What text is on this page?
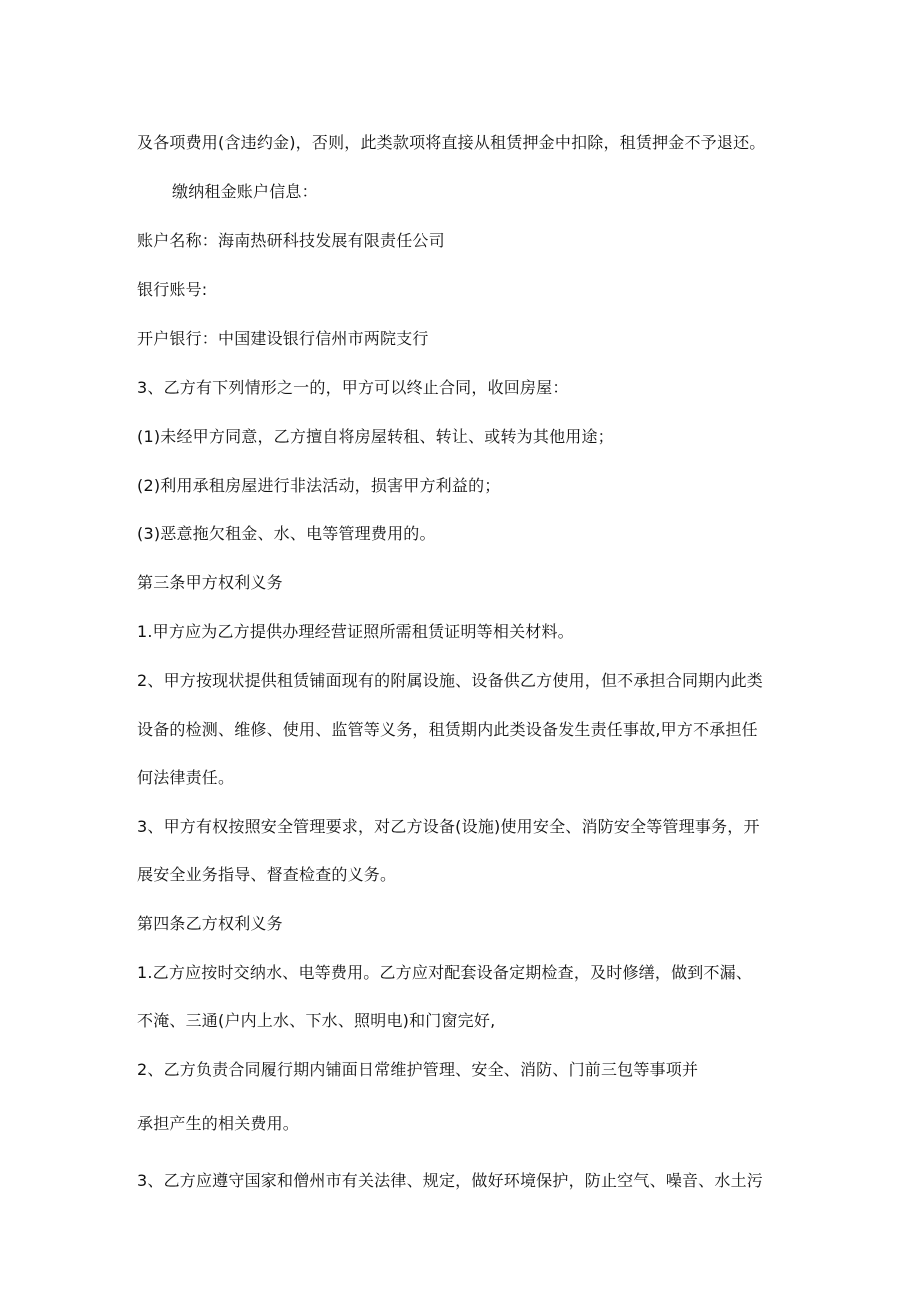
及各项费用(含违约金)，否则，此类款项将直接从租赁押金中扣除，租赁押金不予退还。

缴纳租金账户信息：

账户名称：海南热研科技发展有限责任公司

银行账号:

开户银行：中国建设银行信州市两院支行

3、乙方有下列情形之一的，甲方可以终止合同，收回房屋：

(1)未经甲方同意，乙方擅自将房屋转租、转让、或转为其他用途；

(2)利用承租房屋进行非法活动，损害甲方利益的；

(3)恶意拖欠租金、水、电等管理费用的。

第三条甲方权利义务

1.甲方应为乙方提供办理经营证照所需租赁证明等相关材料。

2、甲方按现状提供租赁铺面现有的附属设施、设备供乙方使用，但不承担合同期内此类

设备的检测、维修、使用、监管等义务，租赁期内此类设备发生责任事故,甲方不承担任

何法律责任。

3、甲方有权按照安全管理要求，对乙方设备(设施)使用安全、消防安全等管理事务，开

展安全业务指导、督查检查的义务。

第四条乙方权利义务

1.乙方应按时交纳水、电等费用。乙方应对配套设备定期检查，及时修缮，做到不漏、

不淹、三通(户内上水、下水、照明电)和门窗完好,

2、乙方负责合同履行期内铺面日常维护管理、安全、消防、门前三包等事项并

承担产生的相关费用。

3、乙方应遵守国家和僧州市有关法律、规定，做好环境保护，防止空气、噪音、水土污
